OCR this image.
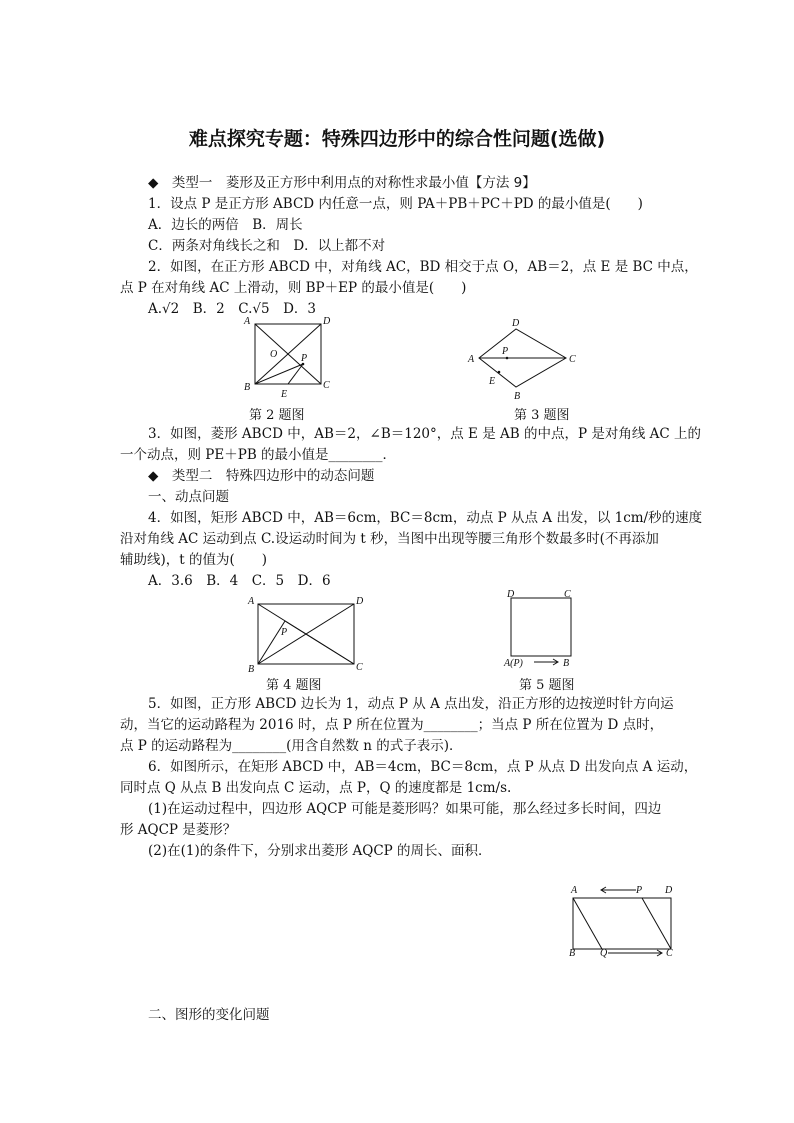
难点探究专题：特殊四边形中的综合性问题(选做)
◆　类型一　菱形及正方形中利用点的对称性求最小值【方法 9】
1．设点 P 是正方形 ABCD 内任意一点，则 PA＋PB＋PC＋PD 的最小值是(　　)
A．边长的两倍　B．周长
C．两条对角线长之和　D．以上都不对
2．如图，在正方形 ABCD 中，对角线 AC，BD 相交于点 O，AB＝2，点 E 是 BC 中点，
点 P 在对角线 AC 上滑动，则 BP＋EP 的最小值是(　　)
A.√2　B．2　C.√5　D．3
A	D
B	C
O P
E
D
A	C
B
P
E
第 2 题图	第 3 题图
3．如图，菱形 ABCD 中，AB＝2，∠B＝120°，点 E 是 AB 的中点，P 是对角线 AC 上的
一个动点，则 PE＋PB 的最小值是________．
◆　类型二　特殊四边形中的动态问题
一、动点问题
4．如图，矩形 ABCD 中，AB＝6cm，BC＝8cm，动点 P 从点 A 出发，以 1cm/秒的速度
沿对角线 AC 运动到点 C.设运动时间为 t 秒，当图中出现等腰三角形个数最多时(不再添加
辅助线)，t 的值为(　　)
A．3.6　B．4　C．5　D．6
A	D
B	C
P
D	C
A(P)	B
第 4 题图	第 5 题图
5．如图，正方形 ABCD 边长为 1，动点 P 从 A 点出发，沿正方形的边按逆时针方向运
动，当它的运动路程为 2016 时，点 P 所在位置为________；当点 P 所在位置为 D 点时，
点 P 的运动路程为________(用含自然数 n 的式子表示)．
6．如图所示，在矩形 ABCD 中，AB＝4cm，BC＝8cm，点 P 从点 D 出发向点 A 运动，
同时点 Q 从点 B 出发向点 C 运动，点 P，Q 的速度都是 1cm/s.
(1)在运动过程中，四边形 AQCP 可能是菱形吗？如果可能，那么经过多长时间，四边
形 AQCP 是菱形？
(2)在(1)的条件下，分别求出菱形 AQCP 的周长、面积．
A	P D
B Q	C
二、图形的变化问题
